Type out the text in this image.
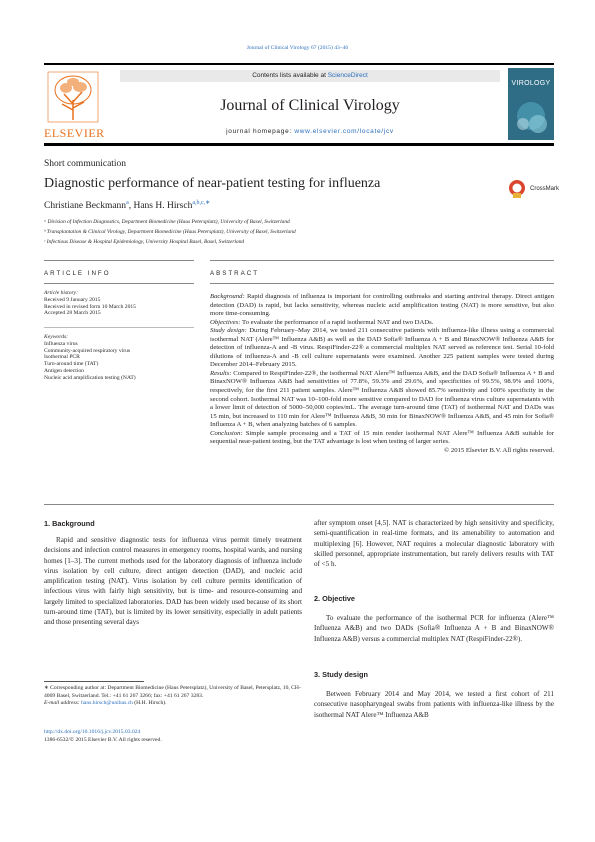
Journal of Clinical Virology 67 (2015) 43–46
ELSEVIER
Contents lists available at ScienceDirect
Journal of Clinical Virology
journal homepage: www.elsevier.com/locate/jcv
VIROLOGY
Short communication
Diagnostic performance of near-patient testing for influenza
Christiane Beckmann$^a$, Hans H. Hirsch$^{a,b,c,∗}$
CrossMark
ᵃ Division of Infection Diagnostics, Department Biomedicine (Haus Petersplatz), University of Basel, Switzerland
ᵇ Transplantation & Clinical Virology, Department Biomedicine (Haus Petersplatz), University of Basel, Switzerland
ᶜ Infectious Disease & Hospital Epidemiology, University Hospital Basel, Basel, Switzerland
ARTICLE INFO	ABSTRACT
Article history:
Received 9 January 2015
Received in revised form 10 March 2015
Accepted 28 March 2015
Keywords:
Influenza virus
Community-acquired respiratory virus
Isothermal PCR
Turn-around time (TAT)
Antigen detection
Nucleic acid amplification testing (NAT)
Background: Rapid diagnosis of influenza is important for controlling outbreaks and starting antiviral therapy. Direct antigen detection (DAD) is rapid, but lacks sensitivity, whereas nucleic acid amplification testing (NAT) is more sensitive, but also more time-consuming.
Objectives: To evaluate the performance of a rapid isothermal NAT and two DADs.
Study design: During February–May 2014, we tested 211 consecutive patients with influenza-like illness using a commercial isothermal NAT (Alere™ Influenza A&B) as well as the DAD Sofia® Influenza A + B and BinaxNOW® Influenza A&B for detection of influenza-A and -B virus. RespiFinder-22® a commercial multiplex NAT served as reference test. Serial 10-fold dilutions of influenza-A and -B cell culture supernatants were examined. Another 225 patient samples were tested during December 2014–February 2015.
Results: Compared to RespiFinder-22®, the isothermal NAT Alere™ Influenza A&B, and the DAD Sofia® Influenza A + B and BinaxNOW® Influenza A&B had sensitivities of 77.8%, 59.3% and 29.6%, and specificities of 99.5%, 98.9% and 100%, respectively, for the first 211 patient samples. Alere™ Influenza A&B showed 85.7% sensitivity and 100% specificity in the second cohort. Isothermal NAT was 10–100-fold more sensitive compared to DAD for influenza virus culture supernatants with a lower limit of detection of 5000–50,000 copies/mL. The average turn-around time (TAT) of isothermal NAT and DADs was 15 min, but increased to 110 min for Alere™ Influenza A&B, 30 min for BinaxNOW® Influenza A&B, and 45 min for Sofia® Influenza A + B, when analyzing batches of 6 samples.
Conclusion: Simple sample processing and a TAT of 15 min render isothermal NAT Alere™ Influenza A&B suitable for sequential near-patient testing, but the TAT advantage is lost when testing of larger series.
© 2015 Elsevier B.V. All rights reserved.
1. Background
Rapid and sensitive diagnostic tests for influenza virus permit timely treatment decisions and infection control measures in emergency rooms, hospital wards, and nursing homes [1–3]. The current methods used for the laboratory diagnosis of influenza include virus isolation by cell culture, direct antigen detection (DAD), and nucleic acid amplification testing (NAT). Virus isolation by cell culture permits identification of infectious virus with fairly high sensitivity, but is time- and resource-consuming and largely limited to specialized laboratories. DAD has been widely used because of its short turn-around time (TAT), but is limited by its lower sensitivity, especially in adult patients and those presenting several days
after symptom onset [4,5]. NAT is characterized by high sensitivity and specificity, semi-quantification in real-time formats, and its amenability to automation and multiplexing [6]. However, NAT requires a molecular diagnostic laboratory with skilled personnel, appropriate instrumentation, but rarely delivers results with TAT of <5 h.
2. Objective
To evaluate the performance of the isothermal PCR for influenza (Alere™ Influenza A&B) and two DADs (Sofia® Influenza A + B and BinaxNOW® Influenza A&B) versus a commercial multiplex NAT (RespiFinder-22®).
3. Study design
Between February 2014 and May 2014, we tested a first cohort of 211 consecutive nasopharyngeal swabs from patients with influenza-like illness by the isothermal NAT Alere™ Influenza A&B
∗ Corresponding author at: Department Biomedicine (Haus Petersplatz), University of Basel, Petersplatz, 10, CH-4009 Basel, Switzerland. Tel.: +41 61 267 3266; fax: +41 61 267 3283.
E-mail address: hans.hirsch@unibas.ch (H.H. Hirsch).
http://dx.doi.org/10.1016/j.jcv.2015.03.024
1386-6532/© 2015 Elsevier B.V. All rights reserved.
